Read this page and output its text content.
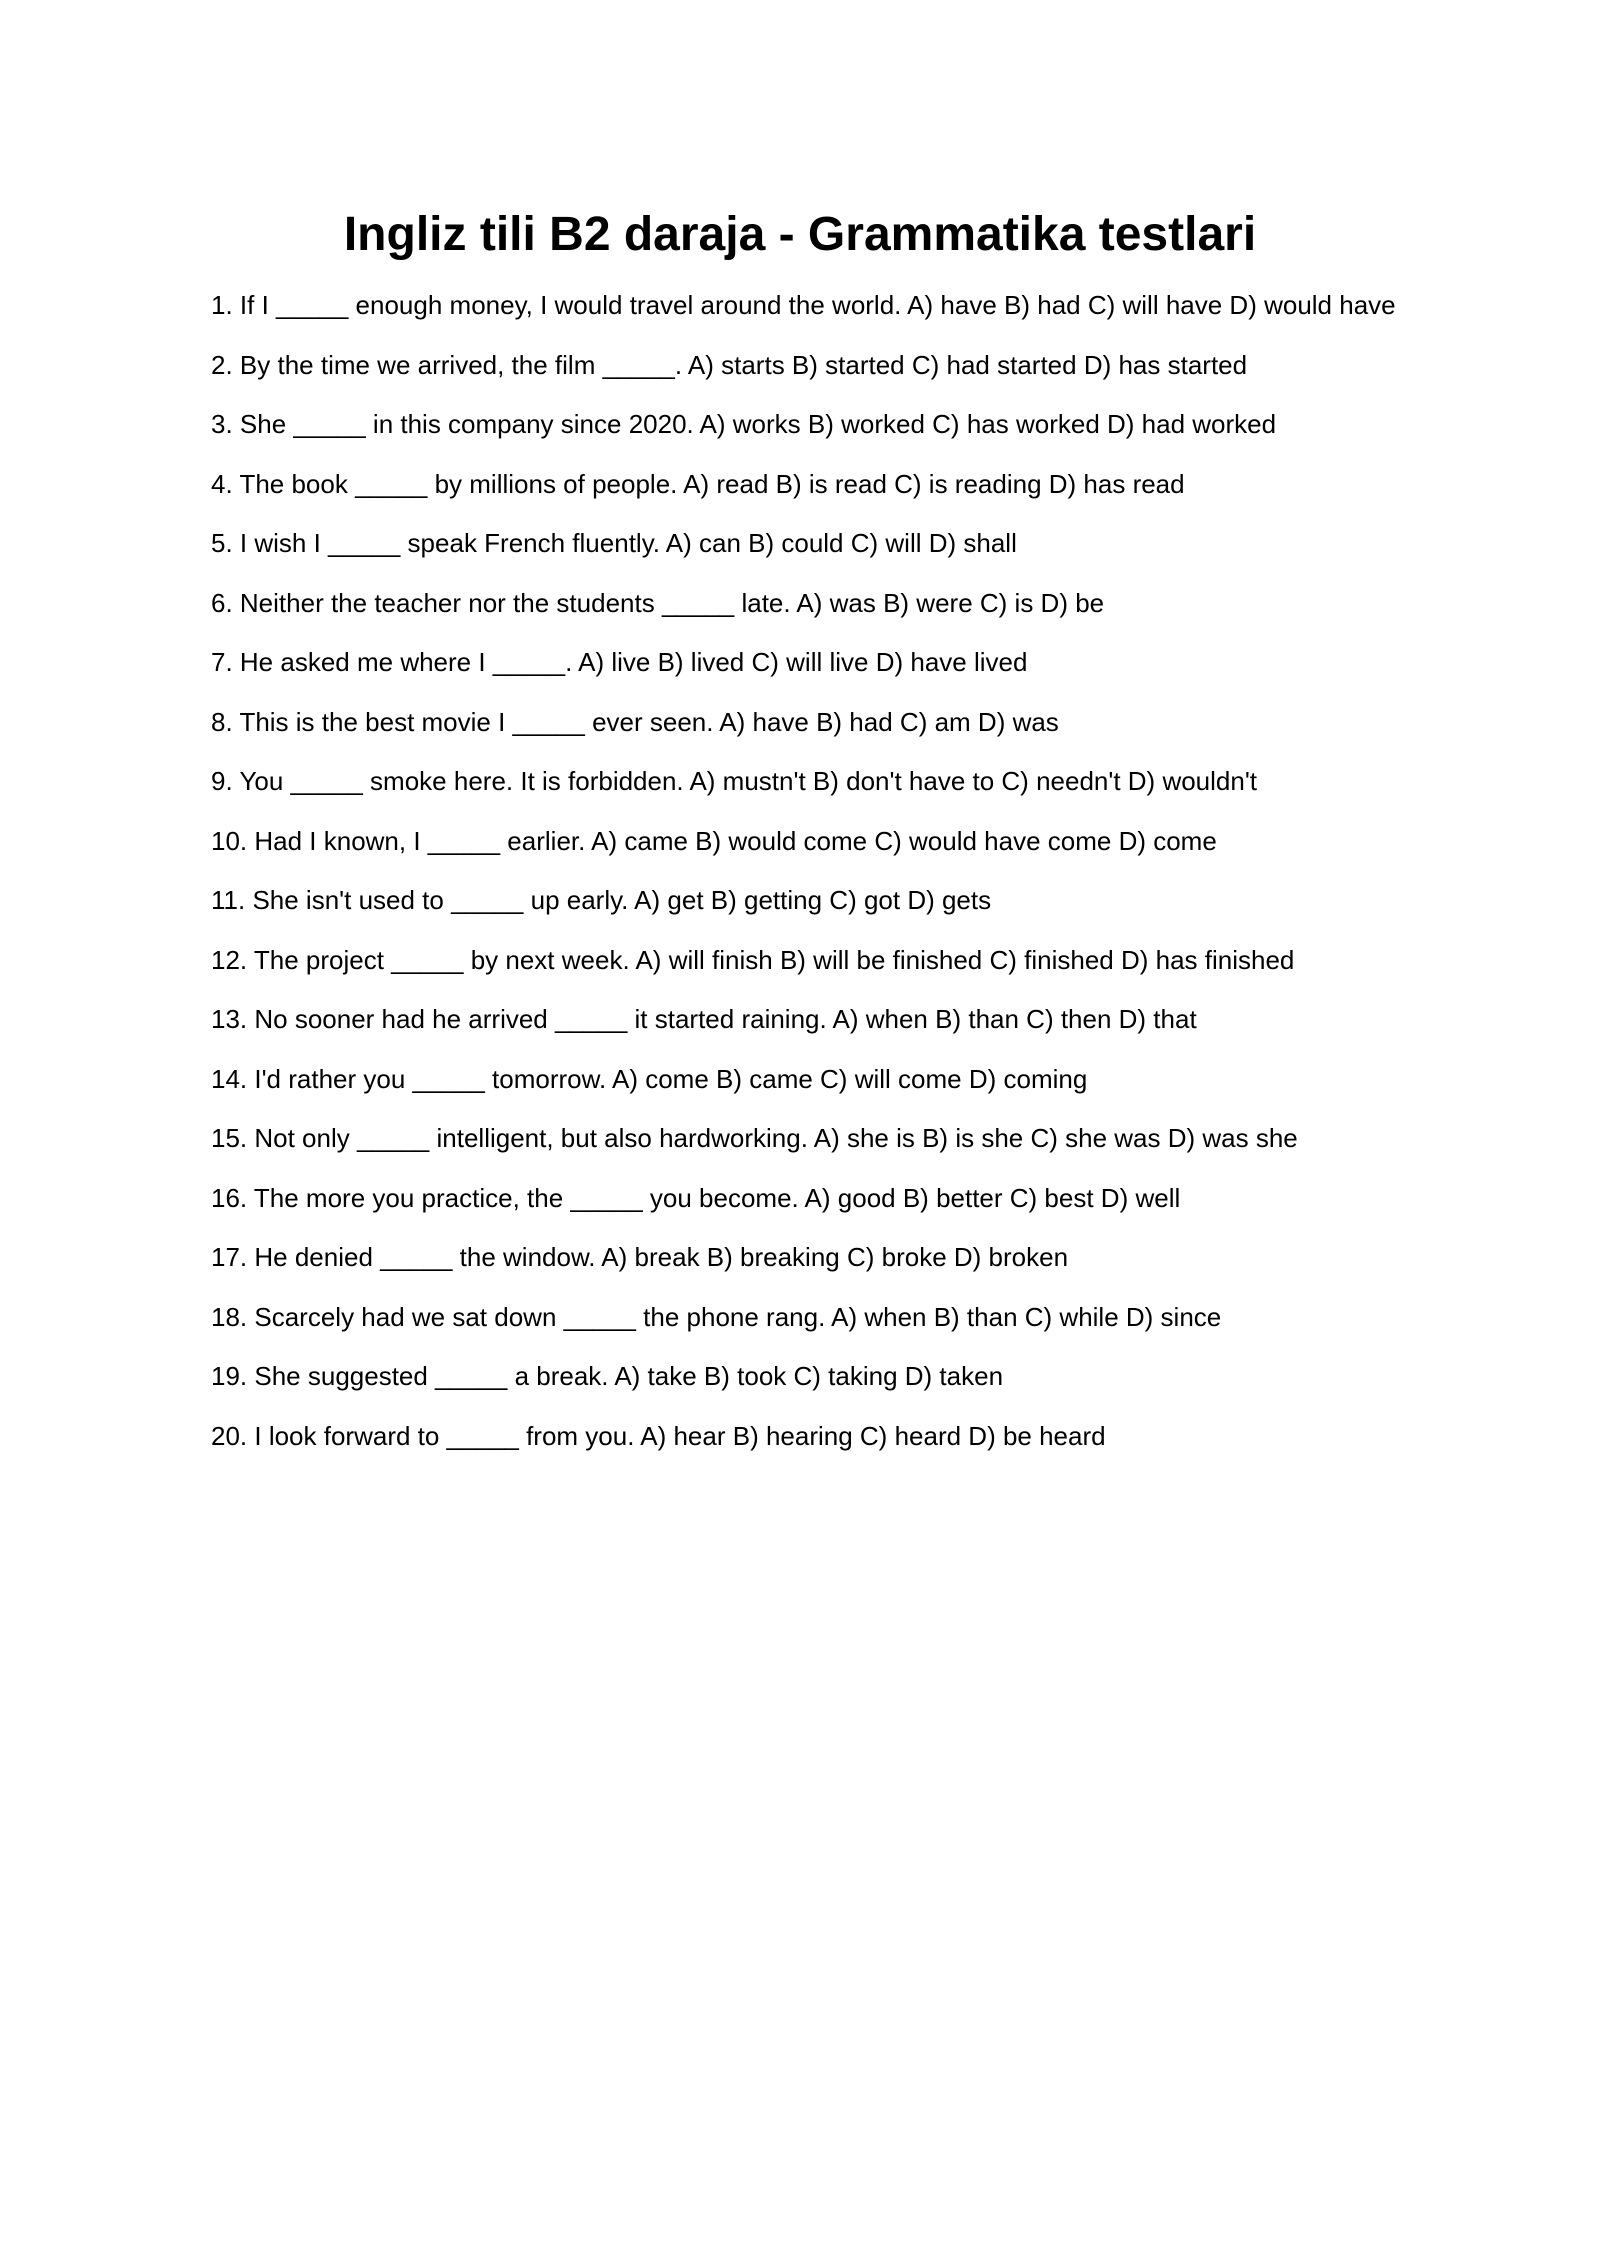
Ingliz tili B2 daraja - Grammatika testlari
1. If I _____ enough money, I would travel around the world. A) have B) had C) will have D) would have
2. By the time we arrived, the film _____. A) starts B) started C) had started D) has started
3. She _____ in this company since 2020. A) works B) worked C) has worked D) had worked
4. The book _____ by millions of people. A) read B) is read C) is reading D) has read
5. I wish I _____ speak French fluently. A) can B) could C) will D) shall
6. Neither the teacher nor the students _____ late. A) was B) were C) is D) be
7. He asked me where I _____. A) live B) lived C) will live D) have lived
8. This is the best movie I _____ ever seen. A) have B) had C) am D) was
9. You _____ smoke here. It is forbidden. A) mustn't B) don't have to C) needn't D) wouldn't
10. Had I known, I _____ earlier. A) came B) would come C) would have come D) come
11. She isn't used to _____ up early. A) get B) getting C) got D) gets
12. The project _____ by next week. A) will finish B) will be finished C) finished D) has finished
13. No sooner had he arrived _____ it started raining. A) when B) than C) then D) that
14. I'd rather you _____ tomorrow. A) come B) came C) will come D) coming
15. Not only _____ intelligent, but also hardworking. A) she is B) is she C) she was D) was she
16. The more you practice, the _____ you become. A) good B) better C) best D) well
17. He denied _____ the window. A) break B) breaking C) broke D) broken
18. Scarcely had we sat down _____ the phone rang. A) when B) than C) while D) since
19. She suggested _____ a break. A) take B) took C) taking D) taken
20. I look forward to _____ from you. A) hear B) hearing C) heard D) be heard
